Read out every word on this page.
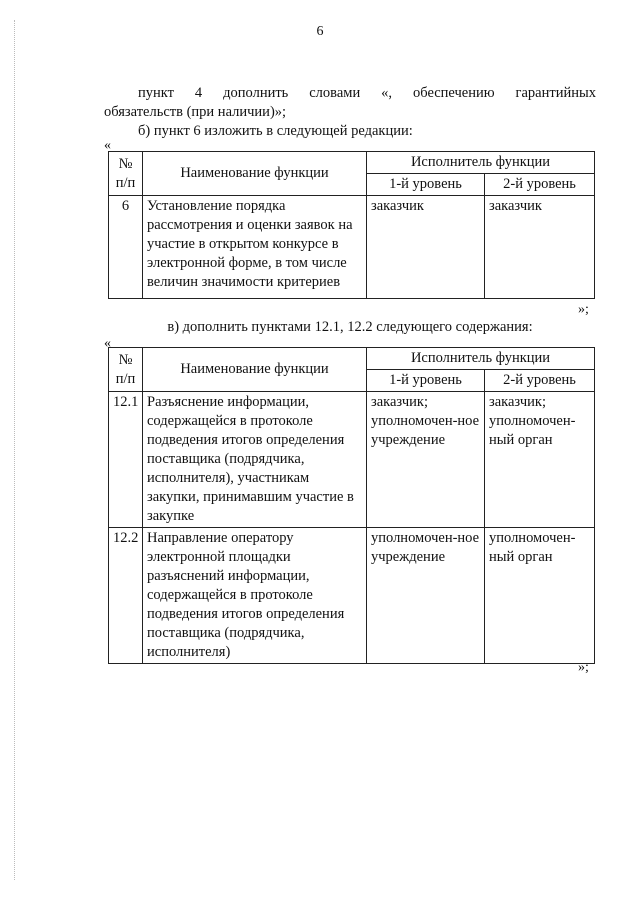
6
пункт 4 дополнить словами «, обеспечению гарантийных
обязательств (при наличии)»;
б) пункт 6 изложить в следующей редакции:
«
№ п/п	Наименование функции	Исполнитель функции	
		1-й уровень	2-й уровень
6	Установление порядка рассмотрения и оценки заявок на участие в открытом конкурсе в электронной форме, в том числе величин значимости критериев	заказчик	заказчик
»;
в) дополнить пунктами 12.1, 12.2 следующего содержания:
«
№ п/п	Наименование функции	Исполнитель функции	
		1-й уровень	2-й уровень
12.1	Разъяснение информации, содержащейся в протоколе подведения итогов определения поставщика (подрядчика, исполнителя), участникам закупки, принимавшим участие в закупке	заказчик; уполномочен-ное учреждение	заказчик; уполномочен-ный орган
12.2	Направление оператору электронной площадки разъяснений информации, содержащейся в протоколе подведения итогов определения поставщика (подрядчика, исполнителя)	уполномочен-ное учреждение	уполномочен-ный орган
»;
